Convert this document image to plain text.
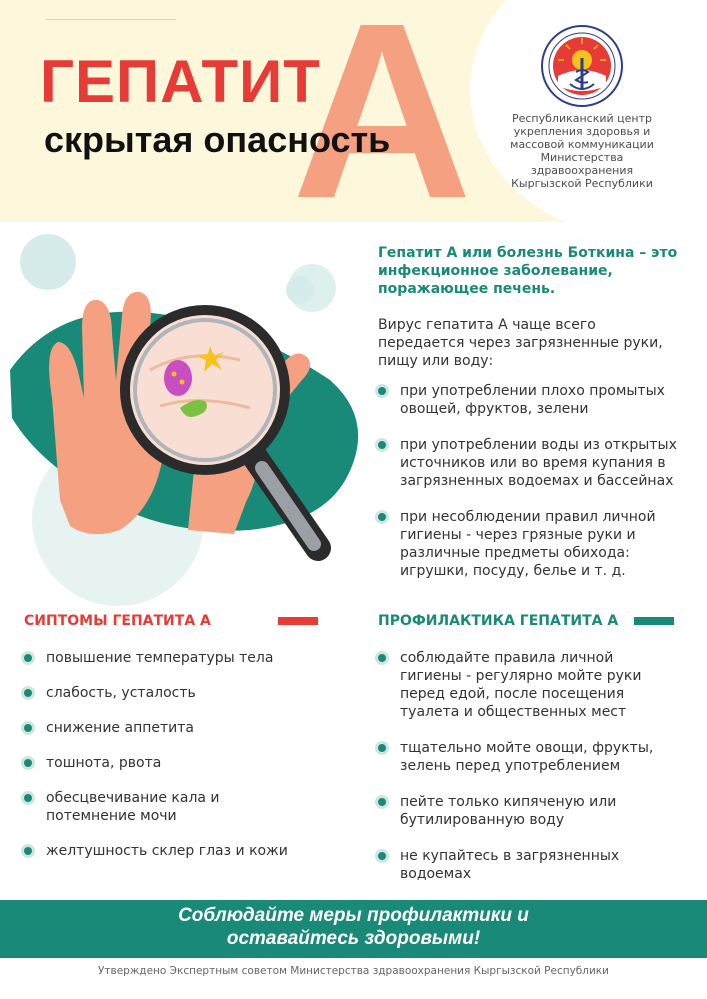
А
ГЕПАТИТ
скрытая опасность
Республиканский центр
укрепления здоровья и
массовой коммуникации
Министерства здравоохранения
Кыргызской Республики

Гепатит А или болезнь Боткина – это инфекционное заболевание, поражающее печень.

Вирус гепатита А чаще всего передается через загрязненные руки, пищу или воду:

при употреблении плохо промытых овощей, фруктов, зелени
при употреблении воды из открытых источников или во время купания в загрязненных водоемах и бассейнах
при несоблюдении правил личной гигиены - через грязные руки и различные предметы обихода: игрушки, посуду, белье и т. д.
СИПТОМЫ ГЕПАТИТА А
повышение температуры тела
слабость, усталость
снижение аппетита
тошнота, рвота
обесцвечивание кала и потемнение мочи
желтушность склер глаз и кожи
ПРОФИЛАКТИКА ГЕПАТИТА А
соблюдайте правила личной гигиены - регулярно мойте руки перед едой, после посещения туалета и общественных мест
тщательно мойте овощи, фрукты, зелень перед употреблением
пейте только кипяченую или бутилированную воду
не купайтесь в загрязненных водоемах
Соблюдайте меры профилактики и
оставайтесь здоровыми!
Утверждено Экспертным советом Министерства здравоохранения Кыргызской Республики
